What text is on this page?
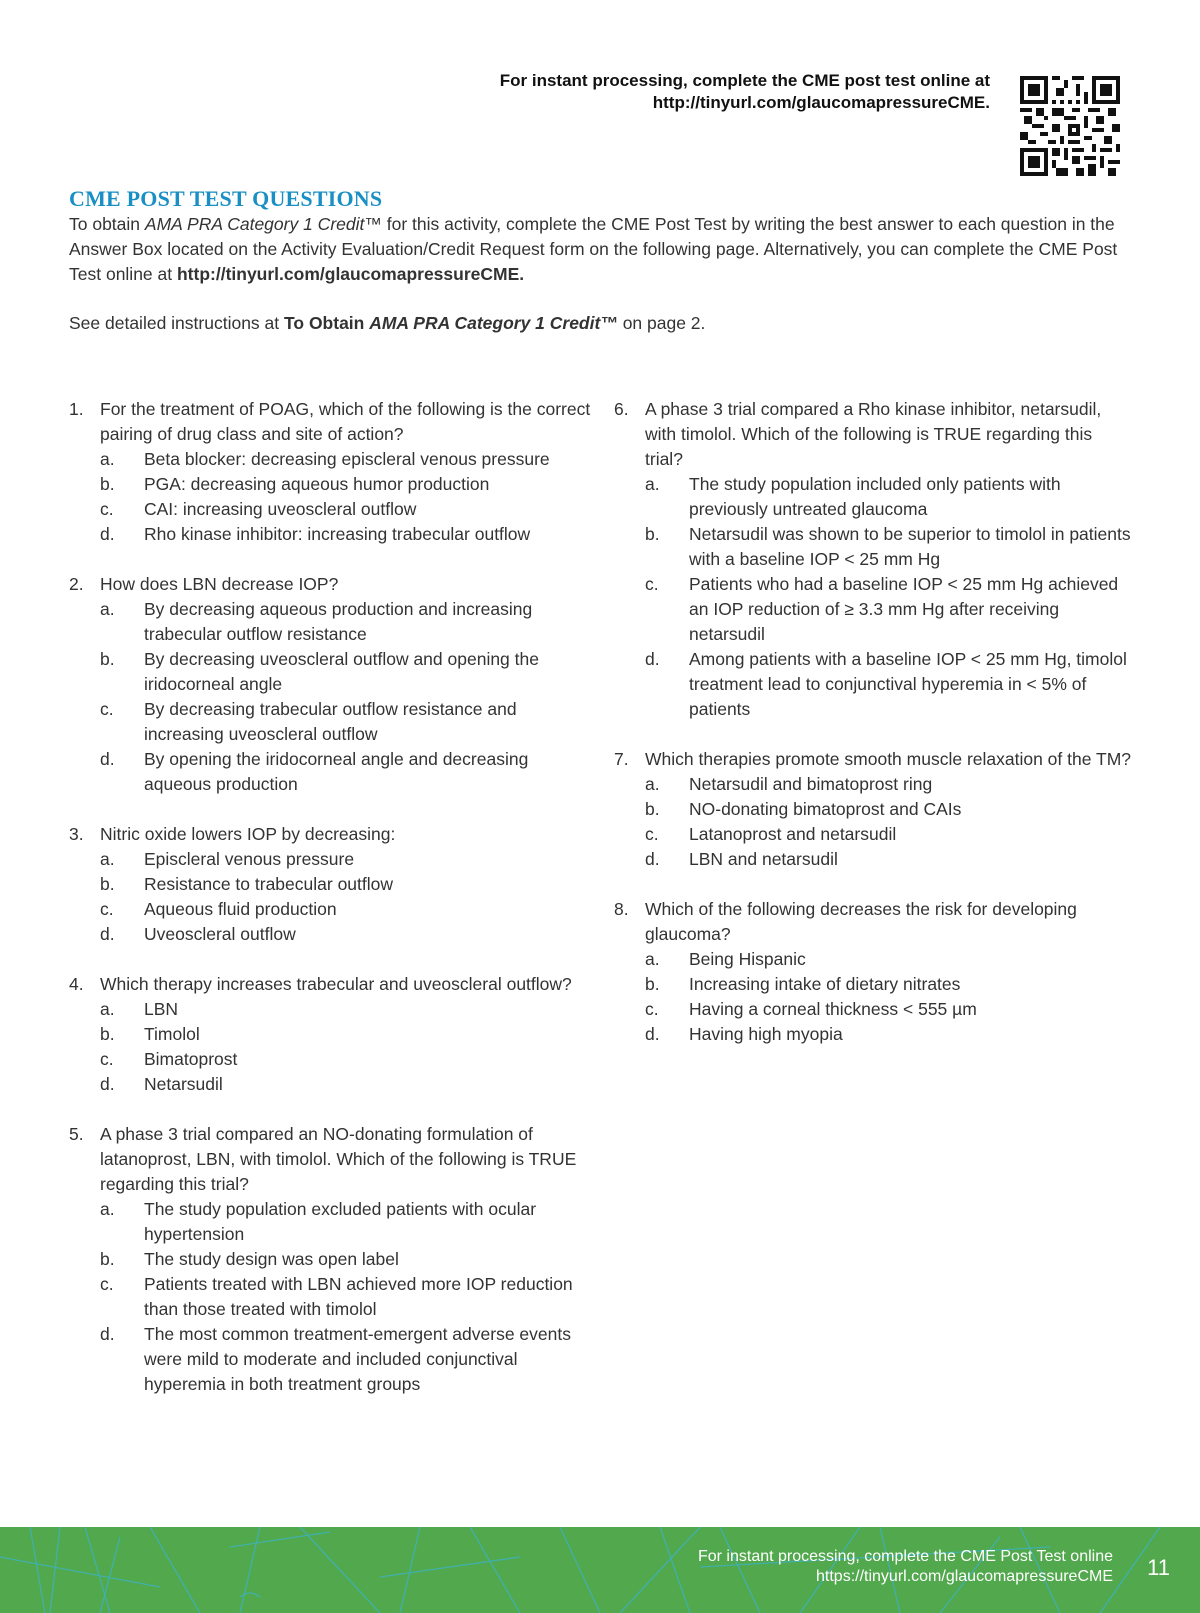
For instant processing, complete the CME post test online at
http://tinyurl.com/glaucomapressureCME.
CME POST TEST QUESTIONS

To obtain AMA PRA Category 1 Credit™ for this activity, complete the CME Post Test by writing the best answer to each question in the Answer Box located on the Activity Evaluation/Credit Request form on the following page. Alternatively, you can complete the CME Post Test online at http://tinyurl.com/glaucomapressureCME.

See detailed instructions at To Obtain AMA PRA Category 1 Credit™ on page 2.

1. For the treatment of POAG, which of the following is the correct pairing of drug class and site of action?
a.	Beta blocker: decreasing episcleral venous pressure
b.	PGA: decreasing aqueous humor production
c.	CAI: increasing uveoscleral outflow
d.	Rho kinase inhibitor: increasing trabecular outflow
2. How does LBN decrease IOP?
a.	By decreasing aqueous production and increasing trabecular outflow resistance
b.	By decreasing uveoscleral outflow and opening the iridocorneal angle
c.	By decreasing trabecular outflow resistance and increasing uveoscleral outflow
d.	By opening the iridocorneal angle and decreasing aqueous production
3. Nitric oxide lowers IOP by decreasing:
a.	Episcleral venous pressure
b.	Resistance to trabecular outflow
c.	Aqueous fluid production
d.	Uveoscleral outflow
4. Which therapy increases trabecular and uveoscleral outflow?
a.	LBN
b.	Timolol
c.	Bimatoprost
d.	Netarsudil
5. A phase 3 trial compared an NO-donating formulation of latanoprost, LBN, with timolol. Which of the following is TRUE regarding this trial?
a.	The study population excluded patients with ocular hypertension
b.	The study design was open label
c.	Patients treated with LBN achieved more IOP reduction than those treated with timolol
d.	The most common treatment-emergent adverse events were mild to moderate and included conjunctival hyperemia in both treatment groups
6. A phase 3 trial compared a Rho kinase inhibitor, netarsudil, with timolol. Which of the following is TRUE regarding this trial?
a.	The study population included only patients with previously untreated glaucoma
b.	Netarsudil was shown to be superior to timolol in patients with a baseline IOP < 25 mm Hg
c.	Patients who had a baseline IOP < 25 mm Hg achieved an IOP reduction of ≥ 3.3 mm Hg after receiving netarsudil
d.	Among patients with a baseline IOP < 25 mm Hg, timolol treatment lead to conjunctival hyperemia in < 5% of patients
7. Which therapies promote smooth muscle relaxation of the TM?
a.	Netarsudil and bimatoprost ring
b.	NO-donating bimatoprost and CAIs
c.	Latanoprost and netarsudil
d.	LBN and netarsudil
8. Which of the following decreases the risk for developing glaucoma?
a.	Being Hispanic
b.	Increasing intake of dietary nitrates
c.	Having a corneal thickness < 555 µm
d.	Having high myopia
For instant processing, complete the CME Post Test online
https://tinyurl.com/glaucomapressureCME 11
